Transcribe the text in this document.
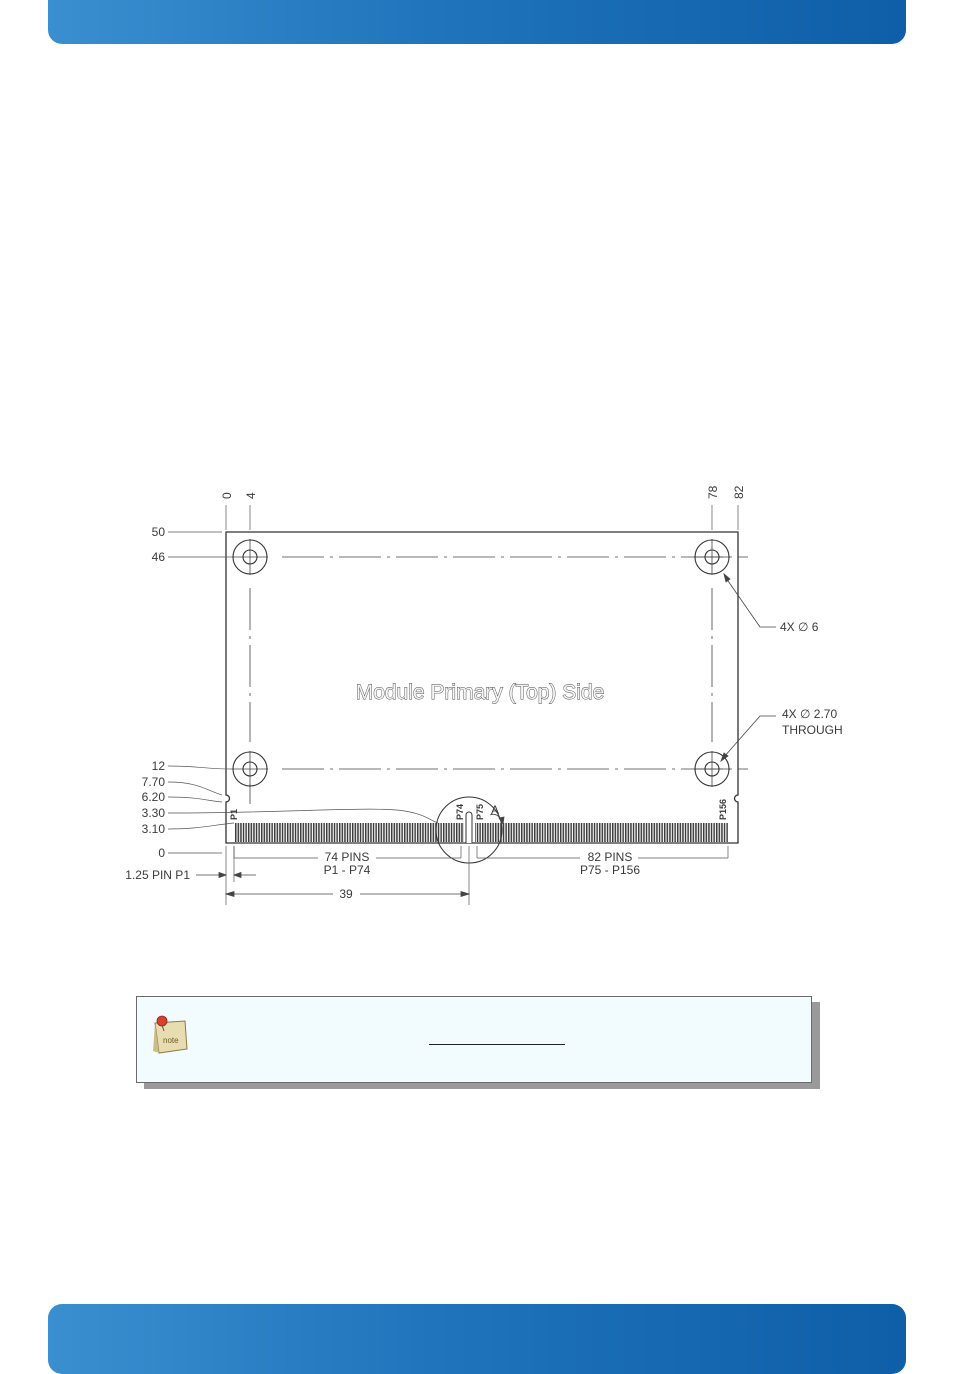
0 4	78 82
50
46
12
7.70
6.20
3.30
3.10
0
Module Primary (Top) Side
P1	P74 P75	P156
A
4X ∅ 6
4X ∅ 2.70
THROUGH
74 PINS
P1 - P74
82 PINS
P75 - P156
1.25 PIN P1
39
note
